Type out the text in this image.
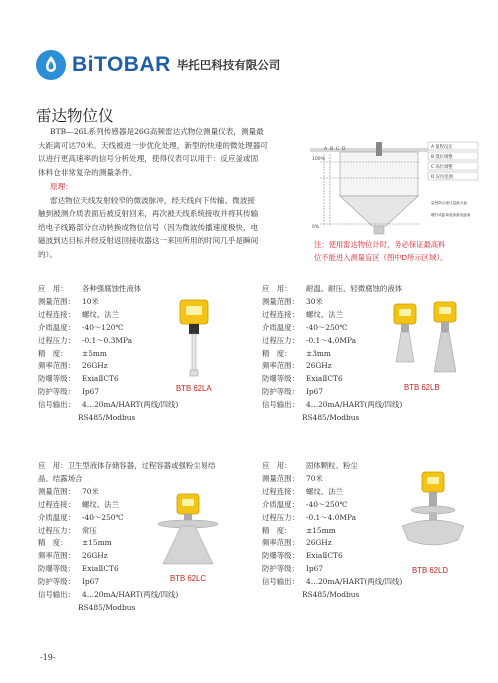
BiTOBAR 毕托巴科技有限公司
雷达物位仪
BTB—26L系列传感器是26G高频雷达式物位测量仪表，测量最
大距离可达70米。天线被进一步优化处理，新型的快速的微处理器可
以进行更高速率的信号分析处理，使得仪表可以用于：反应釜或固
体料仓非常复杂的测量条件。
原理：
雷达物位天线发射较窄的微波脉冲，经天线向下传输。微波接
触到被测介质表面后被反射回来，再次被天线系统接收并将其传输
给电子线路部分自动转换成物位信号（因为微波传播速度极快，电
磁波到达目标并经反射返回接收器这一来回所用的时间几乎是瞬间
的）。
A B C D
0%
100%
A 量程设定
B 低位调整
C 高位调整
D 盲位范围
量程指示建议量最大值
螺钉或距离底部最低距离
注：使用雷达物位计时，务必保证最高料
位不能进入测量盲区（图中D所示区域）。
应　用： 各种强腐蚀性液体
测量范围： 10米
过程连接： 螺纹、法兰
介质温度： -40～120℃
过程压力： -0.1～0.3MPa
精　度： ±5mm
频率范围： 26GHz
防爆等级： ExiaⅡCT6
防护等级： Ip67
信号输出： 4…20mA/HART(两线/四线)
RS485/Modbus
BTB 62LA
应　用： 耐温、耐压、轻微腐蚀的液体
测量范围： 30米
过程连接： 螺纹、法兰
介质温度： -40～250℃
过程压力： -0.1～4.0MPa
精　度： ±3mm
频率范围： 26GHz
防爆等级： ExiaⅡCT6
防护等级： Ip67
信号输出： 4…20mA/HART(两线/四线)
RS485/Modbus
BTB 62LB
应　用：卫生型液体存储容器，过程容器或强粉尘易结
晶、结露场合
测量范围： 70米
过程连接： 螺纹、法兰
介质温度： -40～250℃
过程压力： 常压
精　度： ±15mm
频率范围： 26GHz
防爆等级： ExiaⅡCT6
防护等级： Ip67
信号输出： 4…20mA/HART(两线/四线)
RS485/Modbus
BTB 62LC
应　用： 固体颗粒、粉尘
测量范围： 70米
过程连接： 螺纹、法兰
介质温度： -40～250℃
过程压力： -0.1～4.0MPa
精　度： ±15mm
频率范围： 26GHz
防爆等级： ExiaⅡCT6
防护等级： Ip67
信号输出： 4…20mA/HART(两线/四线)
RS485/Modbus
BTB 62LD
-19-
